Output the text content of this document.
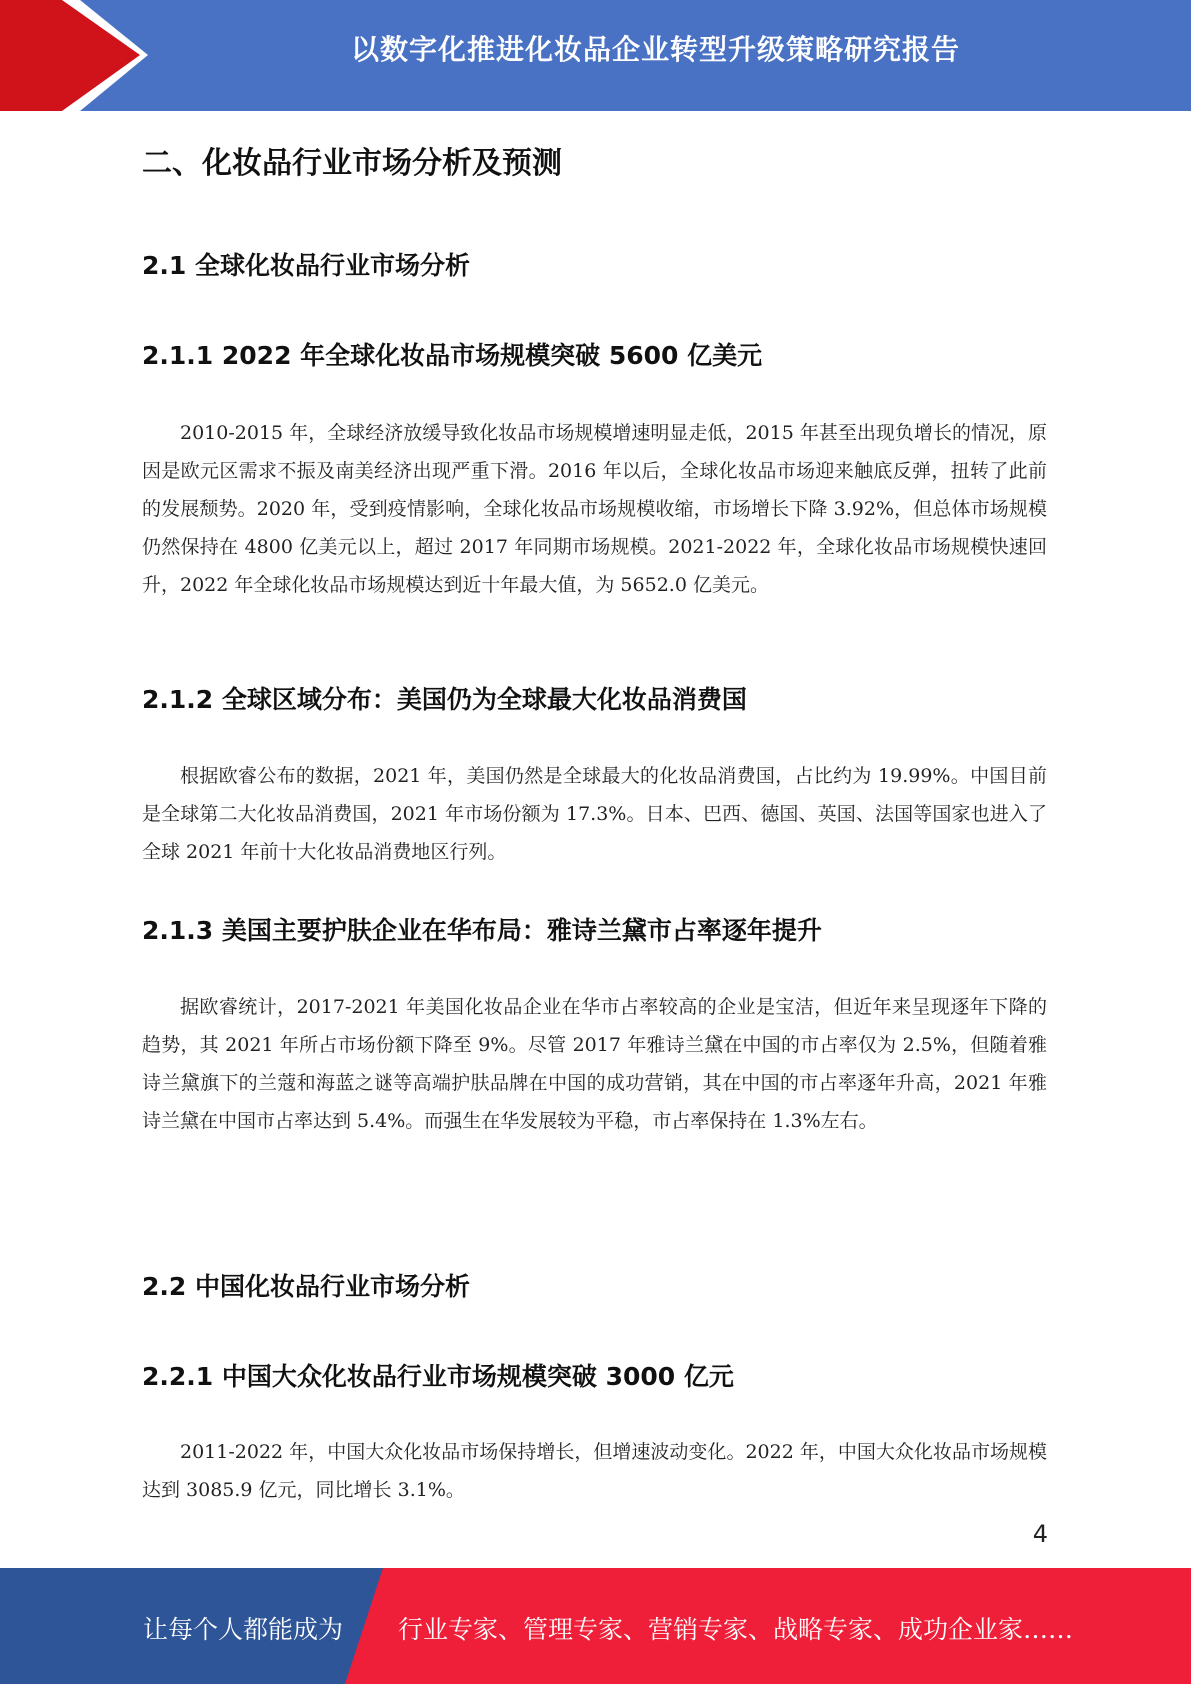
以数字化推进化妆品企业转型升级策略研究报告
二、化妆品行业市场分析及预测
2.1 全球化妆品行业市场分析
2.1.1 2022 年全球化妆品市场规模突破 5600 亿美元

2010-2015 年，全球经济放缓导致化妆品市场规模增速明显走低，2015 年甚至出现负增长的情况，原因是欧元区需求不振及南美经济出现严重下滑。2016 年以后，全球化妆品市场迎来触底反弹，扭转了此前的发展颓势。2020 年，受到疫情影响，全球化妆品市场规模收缩，市场增长下降 3.92%，但总体市场规模仍然保持在 4800 亿美元以上，超过 2017 年同期市场规模。2021-2022 年，全球化妆品市场规模快速回升，2022 年全球化妆品市场规模达到近十年最大值，为 5652.0 亿美元。

2.1.2 全球区域分布：美国仍为全球最大化妆品消费国

根据欧睿公布的数据，2021 年，美国仍然是全球最大的化妆品消费国，占比约为 19.99%。中国目前是全球第二大化妆品消费国，2021 年市场份额为 17.3%。日本、巴西、德国、英国、法国等国家也进入了全球 2021 年前十大化妆品消费地区行列。

2.1.3 美国主要护肤企业在华布局：雅诗兰黛市占率逐年提升

据欧睿统计，2017-2021 年美国化妆品企业在华市占率较高的企业是宝洁，但近年来呈现逐年下降的趋势，其 2021 年所占市场份额下降至 9%。尽管 2017 年雅诗兰黛在中国的市占率仅为 2.5%，但随着雅诗兰黛旗下的兰蔻和海蓝之谜等高端护肤品牌在中国的成功营销，其在中国的市占率逐年升高，2021 年雅诗兰黛在中国市占率达到 5.4%。而强生在华发展较为平稳，市占率保持在 1.3%左右。

2.2 中国化妆品行业市场分析
2.2.1 中国大众化妆品行业市场规模突破 3000 亿元

2011-2022 年，中国大众化妆品市场保持增长，但增速波动变化。2022 年，中国大众化妆品市场规模达到 3085.9 亿元，同比增长 3.1%。

4
让每个人都能成为 行业专家、管理专家、营销专家、战略专家、成功企业家……
